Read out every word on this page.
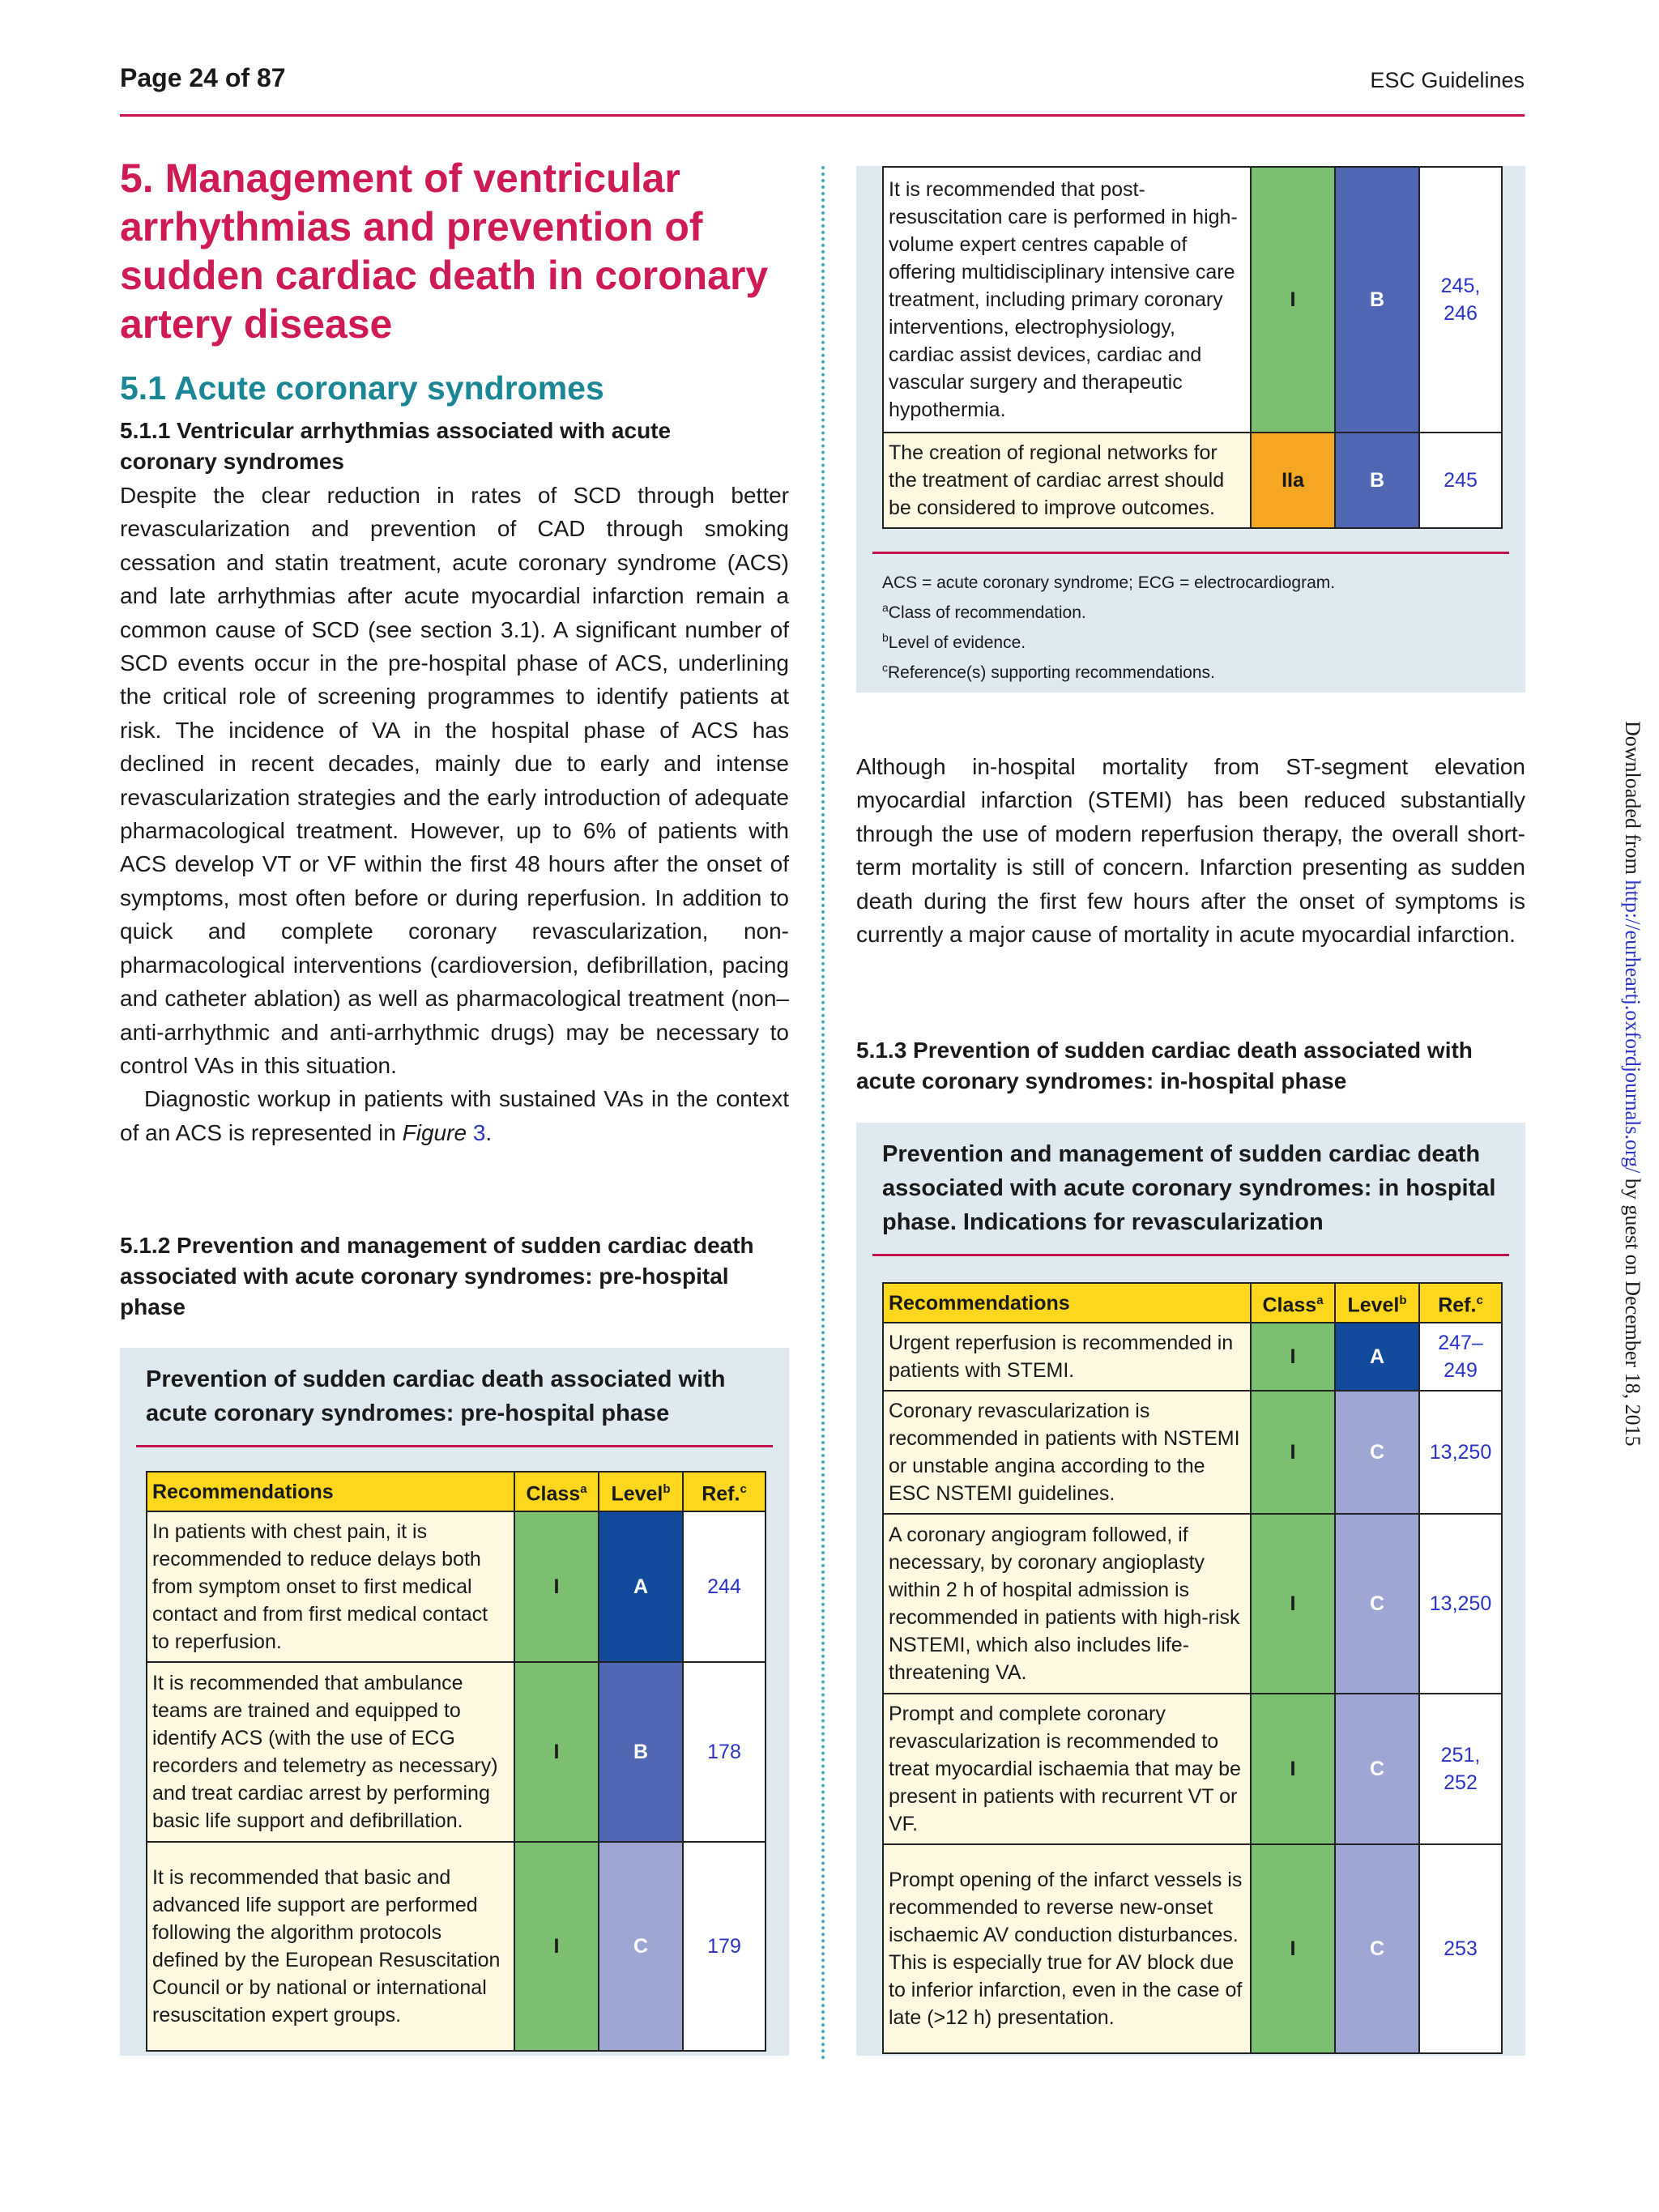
Page 24 of 87	ESC Guidelines
5. Management of ventricular arrhythmias and prevention of sudden cardiac death in coronary artery disease
5.1 Acute coronary syndromes
5.1.1 Ventricular arrhythmias associated with acute coronary syndromes

Despite the clear reduction in rates of SCD through better revascularization and prevention of CAD through smoking cessation and statin treatment, acute coronary syndrome (ACS) and late arrhythmias after acute myocardial infarction remain a common cause of SCD (see section 3.1). A significant number of SCD events occur in the pre-hospital phase of ACS, underlining the critical role of screening programmes to identify patients at risk. The incidence of VA in the hospital phase of ACS has declined in recent decades, mainly due to early and intense revascularization strategies and the early introduction of adequate pharmacological treatment. However, up to 6% of patients with ACS develop VT or VF within the first 48 hours after the onset of symptoms, most often before or during reperfusion. In addition to quick and complete coronary revascularization, non-pharmacological interventions (cardioversion, defibrillation, pacing and catheter ablation) as well as pharmacological treatment (non–anti-arrhythmic and anti-arrhythmic drugs) may be necessary to control VAs in this situation.

Diagnostic workup in patients with sustained VAs in the context of an ACS is represented in Figure 3.

5.1.2 Prevention and management of sudden cardiac death associated with acute coronary syndromes: pre-hospital phase
Prevention of sudden cardiac death associated with acute coronary syndromes: pre-hospital phase
Recommendations	Class$^a$	Level$^b$	Ref.$^c$
In patients with chest pain, it is recommended to reduce delays both from symptom onset to first medical contact and from first medical contact to reperfusion.	I	A	244
It is recommended that ambulance teams are trained and equipped to identify ACS (with the use of ECG recorders and telemetry as necessary) and treat cardiac arrest by performing basic life support and defibrillation.	I	B	178
It is recommended that basic and advanced life support are performed following the algorithm protocols defined by the European Resuscitation Council or by national or international resuscitation expert groups.	I	C	179
ACS = acute coronary syndrome; ECG = electrocardiogram.
$^a$Class of recommendation.
$^b$Level of evidence.
$^c$Reference(s) supporting recommendations.
It is recommended that post-resuscitation care is performed in high-volume expert centres capable of offering multidisciplinary intensive care treatment, including primary coronary interventions, electrophysiology, cardiac assist devices, cardiac and vascular surgery and therapeutic hypothermia.	I	B	245, 246
The creation of regional networks for the treatment of cardiac arrest should be considered to improve outcomes.	IIa	B	245

Although in-hospital mortality from ST-segment elevation myocardial infarction (STEMI) has been reduced substantially through the use of modern reperfusion therapy, the overall short-term mortality is still of concern. Infarction presenting as sudden death during the first few hours after the onset of symptoms is currently a major cause of mortality in acute myocardial infarction.

5.1.3 Prevention of sudden cardiac death associated with acute coronary syndromes: in-hospital phase
Prevention and management of sudden cardiac death associated with acute coronary syndromes: in hospital phase. Indications for revascularization
Recommendations	Class$^a$	Level$^b$	Ref.$^c$
Urgent reperfusion is recommended in patients with STEMI.	I	A	247– 249
Coronary revascularization is recommended in patients with NSTEMI or unstable angina according to the ESC NSTEMI guidelines.	I	C	13,250
A coronary angiogram followed, if necessary, by coronary angioplasty within 2 h of hospital admission is recommended in patients with high-risk NSTEMI, which also includes life-threatening VA.	I	C	13,250
Prompt and complete coronary revascularization is recommended to treat myocardial ischaemia that may be present in patients with recurrent VT or VF.	I	C	251, 252
Prompt opening of the infarct vessels is recommended to reverse new-onset ischaemic AV conduction disturbances. This is especially true for AV block due to inferior infarction, even in the case of late (>12 h) presentation.	I	C	253
Downloaded from http://eurheartj.oxfordjournals.org/ by guest on December 18, 2015
